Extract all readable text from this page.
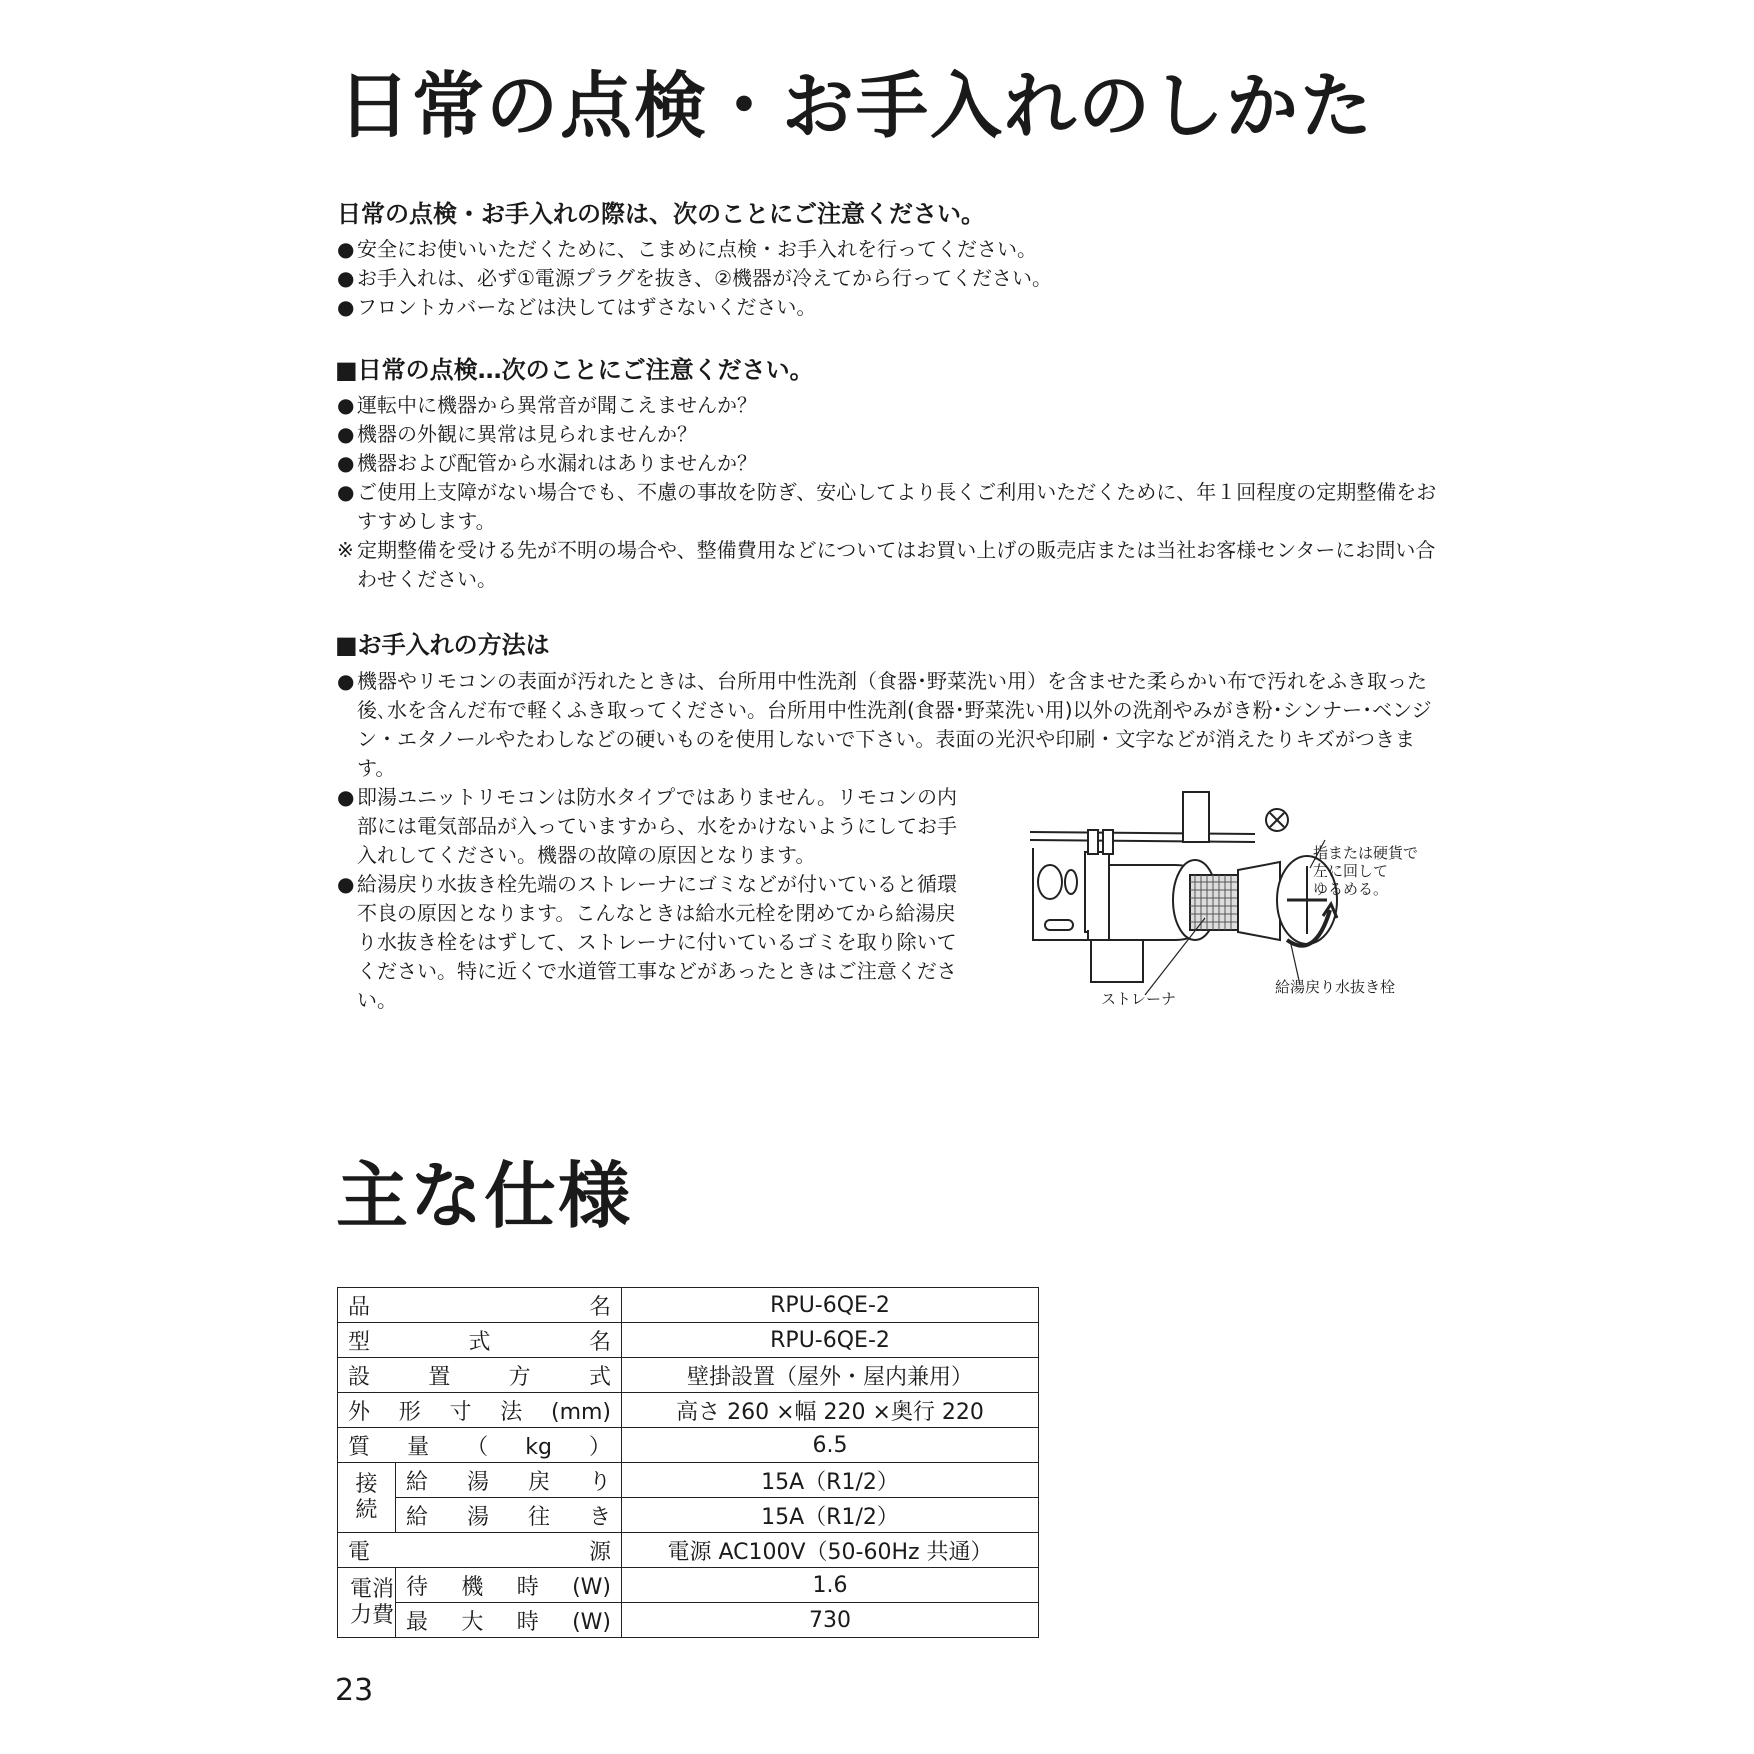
日常の点検・お手入れのしかた
日常の点検・お手入れの際は、次のことにご注意ください。
● 安全にお使いいただくために、こまめに点検・お手入れを行ってください。
● お手入れは、必ず①電源プラグを抜き、②機器が冷えてから行ってください。
● フロントカバーなどは決してはずさないください。
■日常の点検…次のことにご注意ください。
● 運転中に機器から異常音が聞こえませんか？
● 機器の外観に異常は見られませんか？
● 機器および配管から水漏れはありませんか？
● ご使用上支障がない場合でも、不慮の事故を防ぎ、安心してより長くご利用いただくために、年１回程度の定期整備をおすすめします。
※ 定期整備を受ける先が不明の場合や、整備費用などについてはお買い上げの販売店または当社お客様センターにお問い合わせください。
■お手入れの方法は
● 機器やリモコンの表面が汚れたときは、台所用中性洗剤（食器･野菜洗い用）を含ませた柔らかい布で汚れをふき取った後､水を含んだ布で軽くふき取ってください。台所用中性洗剤(食器･野菜洗い用)以外の洗剤やみがき粉･シンナー･ベンジン・エタノールやたわしなどの硬いものを使用しないで下さい。表面の光沢や印刷・文字などが消えたりキズがつきます。
● 即湯ユニットリモコンは防水タイプではありません。リモコンの内部には電気部品が入っていますから、水をかけないようにしてお手入れしてください。機器の故障の原因となります。
● 給湯戻り水抜き栓先端のストレーナにゴミなどが付いていると循環不良の原因となります。こんなときは給水元栓を閉めてから給湯戻り水抜き栓をはずして、ストレーナに付いているゴミを取り除いてください。特に近くで水道管工事などがあったときはご注意ください。
指または硬貨で
左に回して
ゆるめる。
ストレーナ
給湯戻り水抜き栓
主な仕様
品名		RPU-6QE-2
型式名		RPU-6QE-2
設置方式		壁掛設置（屋外・屋内兼用）
外形寸法(mm)		高さ 260 ×幅 220 ×奥行 220
質量（kg）		6.5

接続	給湯戻り	15A（R1/2）
	給湯往き	15A（R1/2）
電源		電源 AC100V（50-60Hz 共通）

電消力費	待機時(W)	1.6
	最大時(W)	730
23
